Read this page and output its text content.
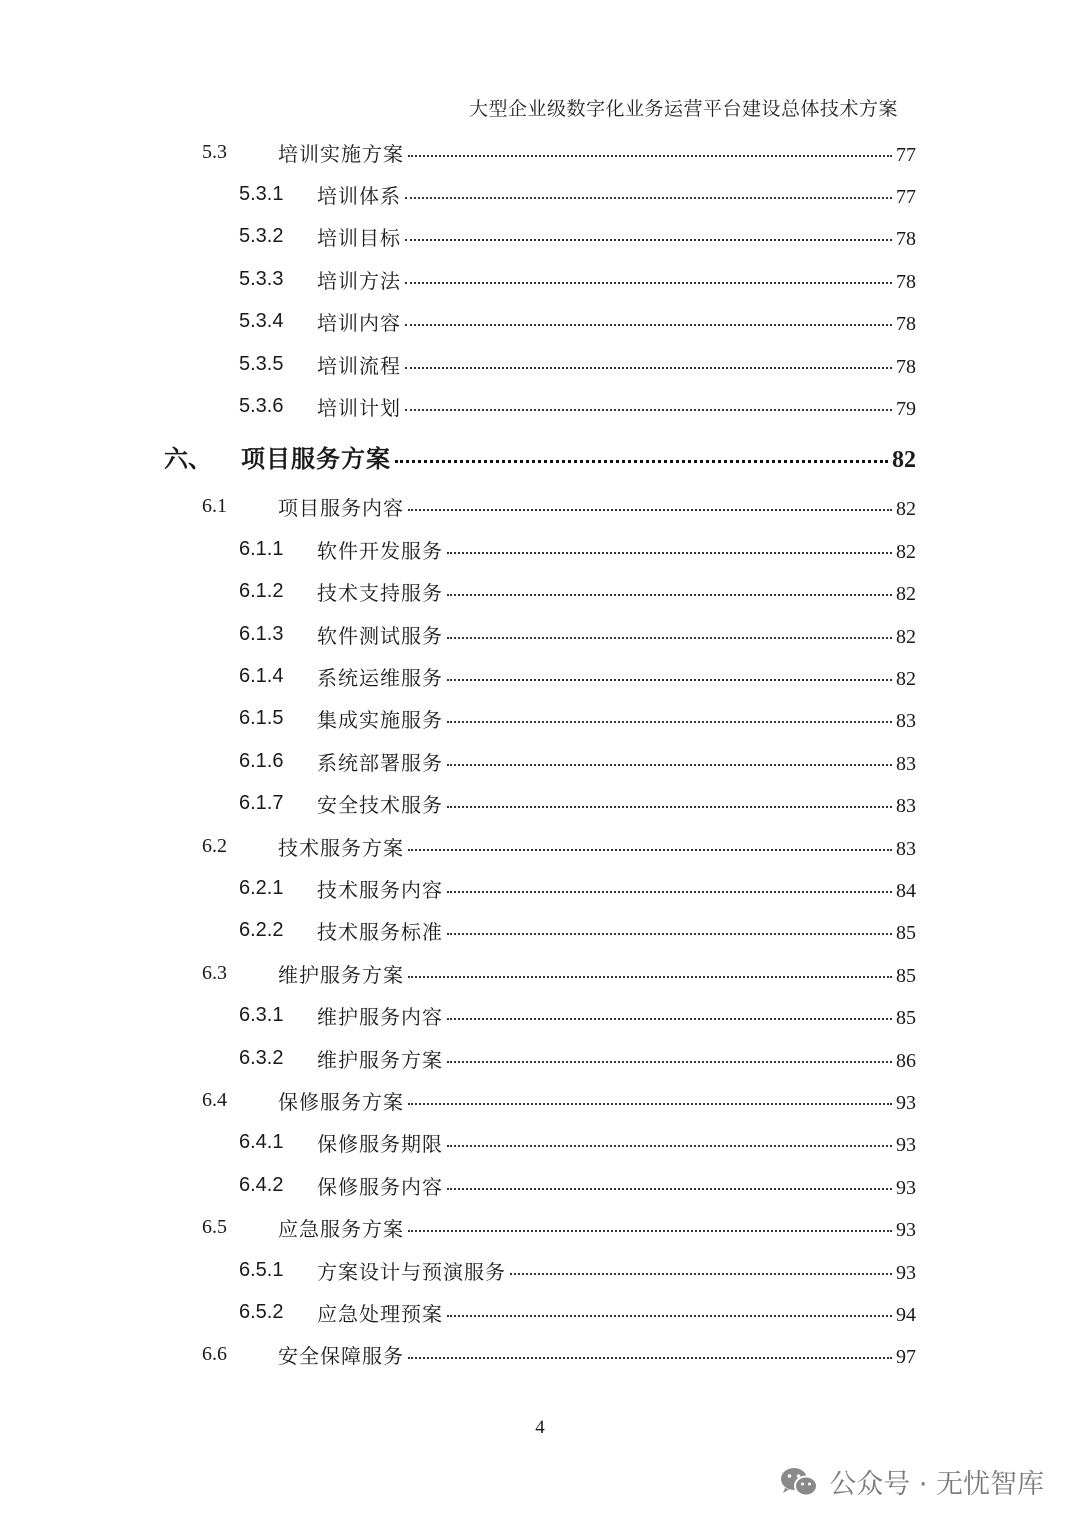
大型企业级数字化业务运营平台建设总体技术方案
5.3	培训实施方案	77
5.3.1 培训体系	77
5.3.2 培训目标	78
5.3.3 培训方法	78
5.3.4 培训内容	78
5.3.5 培训流程	78
5.3.6 培训计划	79
六、 项目服务方案	82
6.1	项目服务内容	82
6.1.1 软件开发服务	82
6.1.2 技术支持服务	82
6.1.3 软件测试服务	82
6.1.4 系统运维服务	82
6.1.5 集成实施服务	83
6.1.6 系统部署服务	83
6.1.7 安全技术服务	83
6.2	技术服务方案	83
6.2.1 技术服务内容	84
6.2.2 技术服务标准	85
6.3	维护服务方案	85
6.3.1 维护服务内容	85
6.3.2 维护服务方案	86
6.4	保修服务方案	93
6.4.1 保修服务期限	93
6.4.2 保修服务内容	93
6.5	应急服务方案	93
6.5.1 方案设计与预演服务	93
6.5.2 应急处理预案	94
6.6	安全保障服务	97
4
公众号 · 无忧智库
